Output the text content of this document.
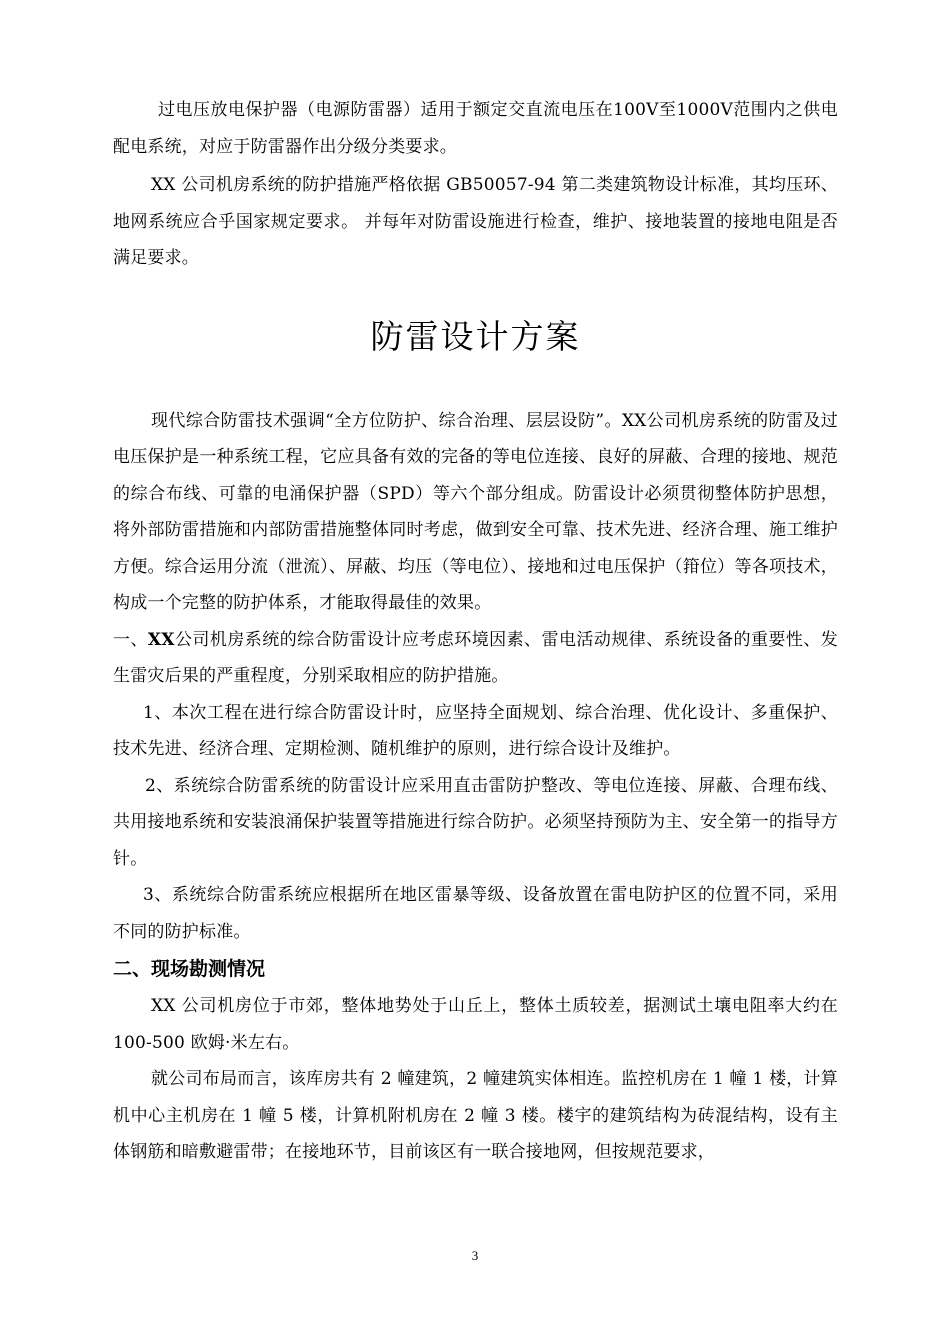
过电压放电保护器（电源防雷器）适用于额定交直流电压在100V至1000V范围内之供电配电系统，对应于防雷器作出分级分类要求。

XX 公司机房系统的防护措施严格依据 GB50057-94 第二类建筑物设计标准，其均压环、地网系统应合乎国家规定要求。 并每年对防雷设施进行检查，维护、接地装置的接地电阻是否满足要求。

防雷设计方案

现代综合防雷技术强调“全方位防护、综合治理、层层设防”。XX公司机房系统的防雷及过电压保护是一种系统工程，它应具备有效的完备的等电位连接、良好的屏蔽、合理的接地、规范的综合布线、可靠的电涌保护器（SPD）等六个部分组成。防雷设计必须贯彻整体防护思想，将外部防雷措施和内部防雷措施整体同时考虑，做到安全可靠、技术先进、经济合理、施工维护方便。综合运用分流（泄流）、屏蔽、均压（等电位）、接地和过电压保护（箝位）等各项技术，构成一个完整的防护体系，才能取得最佳的效果。

一、XX公司机房系统的综合防雷设计应考虑环境因素、雷电活动规律、系统设备的重要性、发生雷灾后果的严重程度，分别采取相应的防护措施。

1、本次工程在进行综合防雷设计时，应坚持全面规划、综合治理、优化设计、多重保护、技术先进、经济合理、定期检测、随机维护的原则，进行综合设计及维护。

2、系统综合防雷系统的防雷设计应采用直击雷防护整改、等电位连接、屏蔽、合理布线、共用接地系统和安装浪涌保护装置等措施进行综合防护。必须坚持预防为主、安全第一的指导方针。

3、系统综合防雷系统应根据所在地区雷暴等级、设备放置在雷电防护区的位置不同，采用不同的防护标准。

二、现场勘测情况

XX 公司机房位于市郊，整体地势处于山丘上，整体土质较差，据测试土壤电阻率大约在 100-500 欧姆·米左右。

就公司布局而言，该库房共有 2 幢建筑，2 幢建筑实体相连。监控机房在 1 幢 1 楼，计算机中心主机房在 1 幢 5 楼，计算机附机房在 2 幢 3 楼。楼宇的建筑结构为砖混结构，设有主体钢筋和暗敷避雷带；在接地环节，目前该区有一联合接地网，但按规范要求，

3
